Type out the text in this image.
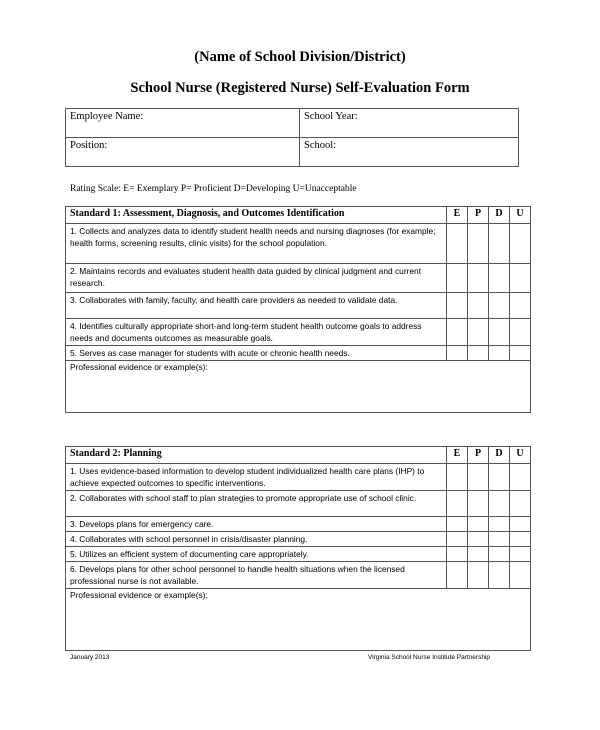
(Name of School Division/District)
School Nurse (Registered Nurse) Self-Evaluation Form
Employee Name:	School Year:
Position:	School:
Rating Scale: E= Exemplary P= Proficient D=Developing U=Unacceptable
Standard 1: Assessment, Diagnosis, and Outcomes Identification	E	P	D	U
1. Collects and analyzes data to identify student health needs and nursing diagnoses (for example; health forms, screening results, clinic visits) for the school population.				
2. Maintains records and evaluates student health data guided by clinical judgment and current research.				
3. Collaborates with family, faculty, and health care providers as needed to validate data.				
4. Identifies culturally appropriate short-and long-term student health outcome goals to address needs and documents outcomes as measurable goals.				
5. Serves as case manager for students with acute or chronic health needs.				
Professional evidence or example(s):				
Standard 2: Planning	E	P	D	U
1. Uses evidence-based information to develop student individualized health care plans (IHP) to achieve expected outcomes to specific interventions.				
2. Collaborates with school staff to plan strategies to promote appropriate use of school clinic.				
3. Develops plans for emergency care.				
4. Collaborates with school personnel in crisis/disaster planning.				
5. Utilizes an efficient system of documenting care appropriately.				
6. Develops plans for other school personnel to handle health situations when the licensed professional nurse is not available.				
Professional evidence or example(s):				
January 2013	Virginia School Nurse Institute Partnership
